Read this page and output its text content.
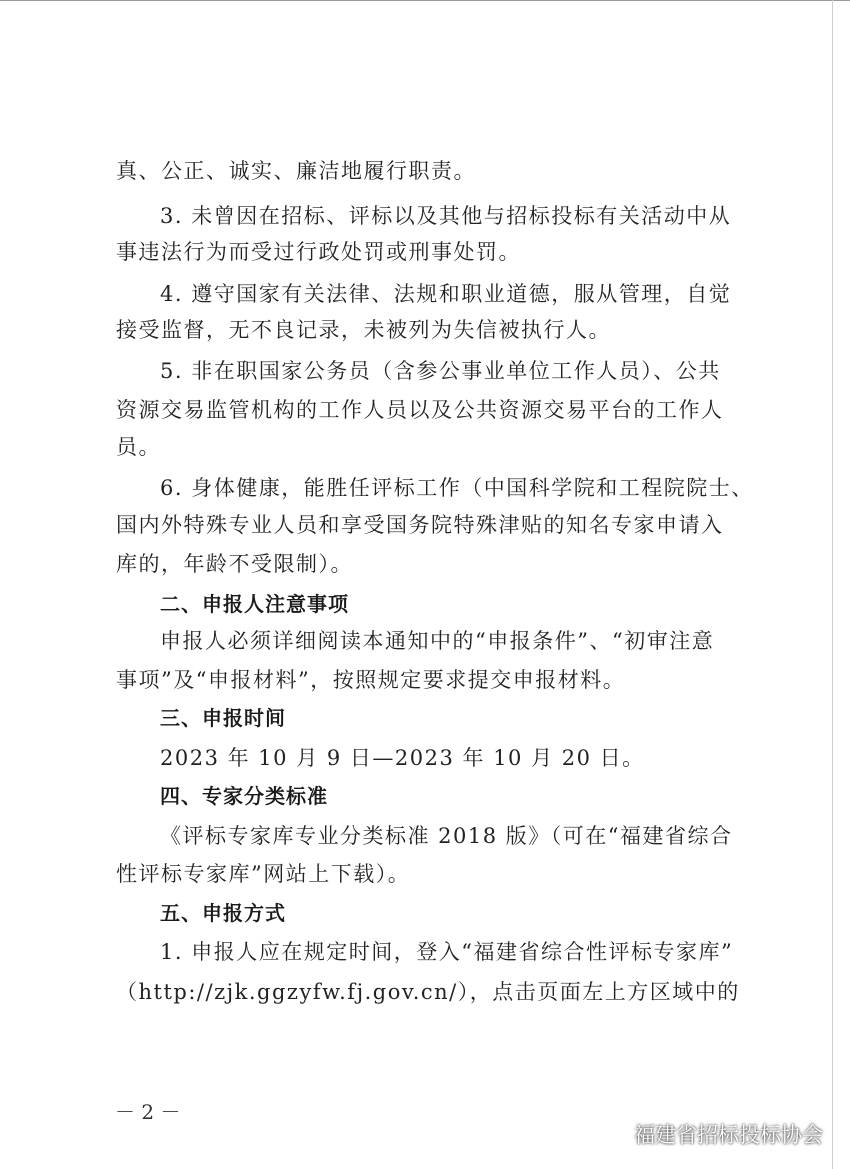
真、公正、诚实、廉洁地履行职责。
3. 未曾因在招标、评标以及其他与招标投标有关活动中从
事违法行为而受过行政处罚或刑事处罚。
4. 遵守国家有关法律、法规和职业道德，服从管理，自觉
接受监督，无不良记录，未被列为失信被执行人。
5. 非在职国家公务员（含参公事业单位工作人员）、公共
资源交易监管机构的工作人员以及公共资源交易平台的工作人
员。
6. 身体健康，能胜任评标工作（中国科学院和工程院院士、
国内外特殊专业人员和享受国务院特殊津贴的知名专家申请入
库的，年龄不受限制）。
二、申报人注意事项
申报人必须详细阅读本通知中的“申报条件”、“初审注意
事项”及“申报材料”，按照规定要求提交申报材料。
三、申报时间
2023 年 10 月 9 日—2023 年 10 月 20 日。
四、专家分类标准
《评标专家库专业分类标准 2018 版》（可在“福建省综合
性评标专家库”网站上下载）。
五、申报方式
1. 申报人应在规定时间，登入“福建省综合性评标专家库”
（http://zjk.ggzyfw.fj.gov.cn/），点击页面左上方区域中的
－ 2 －
福建省招标投标协会
